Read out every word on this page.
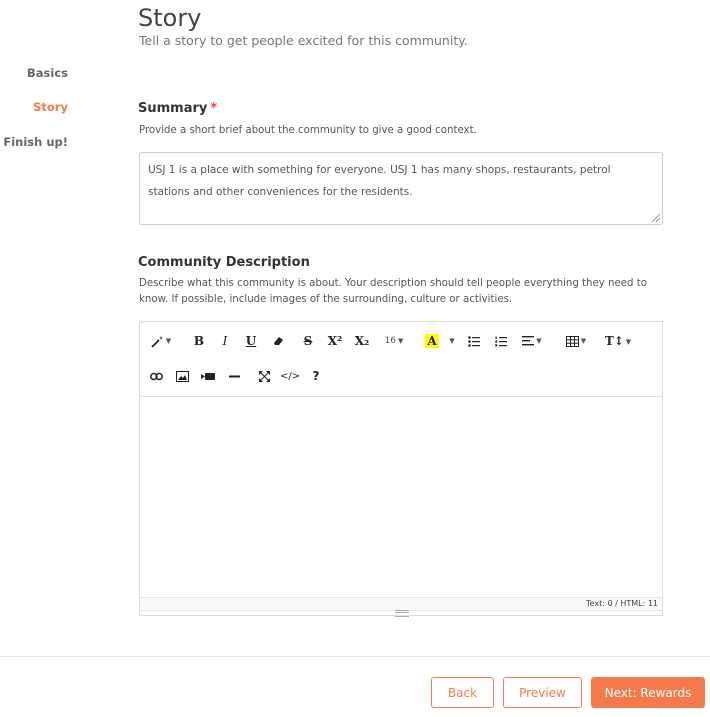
Basics
Story
Finish up!
Story
Tell a story to get people excited for this community.
Summary *
Provide a short brief about the community to give a good context.
USJ 1 is a place with something for everyone. USJ 1 has many shops, restaurants, petrol stations and other conveniences for the residents.
Community Description
Describe what this community is about. Your description should tell people everything they need to know. If possible, include images of the surrounding, culture or activities.
▼ B	I	U	S	X² X₂ 16 ▼ A ▼	▼	▼ T↕ ▼
</>	?
Text: 0 / HTML: 11
Back	Preview	Next: Rewards
